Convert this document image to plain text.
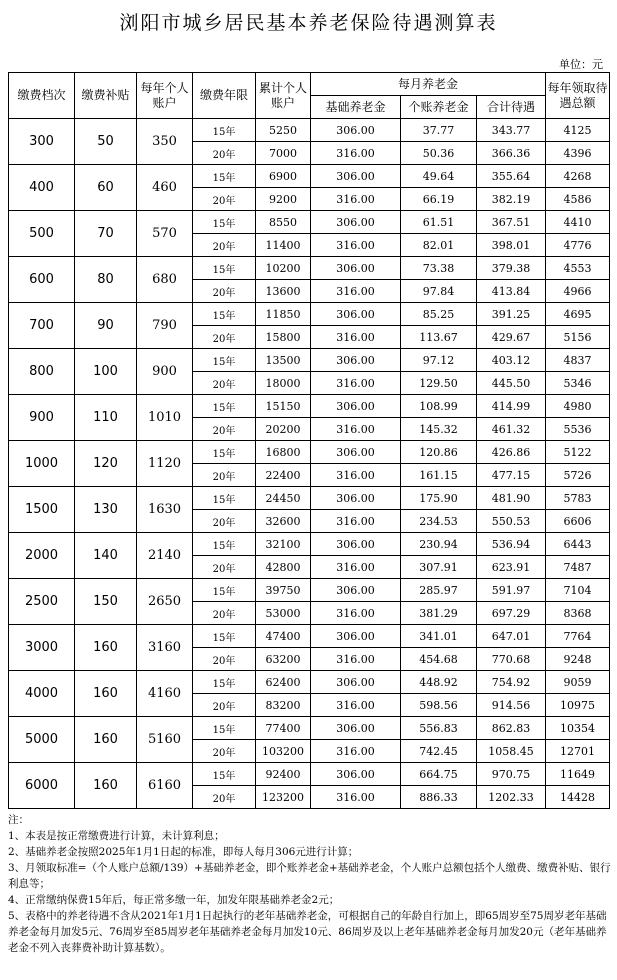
浏阳市城乡居民基本养老保险待遇测算表
单位：元
缴费档次	缴费补贴	每年个人账户	缴费年限	累计个人账户	每月养老金			每年领取待遇总额
					基础养老金	个账养老金	合计待遇	
300	50	350	15年	5250	306.00	37.77	343.77	4125
			20年	7000	316.00	50.36	366.36	4396
400	60	460	15年	6900	306.00	49.64	355.64	4268
			20年	9200	316.00	66.19	382.19	4586
500	70	570	15年	8550	306.00	61.51	367.51	4410
			20年	11400	316.00	82.01	398.01	4776
600	80	680	15年	10200	306.00	73.38	379.38	4553
			20年	13600	316.00	97.84	413.84	4966
700	90	790	15年	11850	306.00	85.25	391.25	4695
			20年	15800	316.00	113.67	429.67	5156
800	100	900	15年	13500	306.00	97.12	403.12	4837
			20年	18000	316.00	129.50	445.50	5346
900	110	1010	15年	15150	306.00	108.99	414.99	4980
			20年	20200	316.00	145.32	461.32	5536
1000	120	1120	15年	16800	306.00	120.86	426.86	5122
			20年	22400	316.00	161.15	477.15	5726
1500	130	1630	15年	24450	306.00	175.90	481.90	5783
			20年	32600	316.00	234.53	550.53	6606
2000	140	2140	15年	32100	306.00	230.94	536.94	6443
			20年	42800	316.00	307.91	623.91	7487
2500	150	2650	15年	39750	306.00	285.97	591.97	7104
			20年	53000	316.00	381.29	697.29	8368
3000	160	3160	15年	47400	306.00	341.01	647.01	7764
			20年	63200	316.00	454.68	770.68	9248
4000	160	4160	15年	62400	306.00	448.92	754.92	9059
			20年	83200	316.00	598.56	914.56	10975
5000	160	5160	15年	77400	306.00	556.83	862.83	10354
			20年	103200	316.00	742.45	1058.45	12701
6000	160	6160	15年	92400	306.00	664.75	970.75	11649
			20年	123200	316.00	886.33	1202.33	14428
注：
1、本表是按正常缴费进行计算，未计算利息；
2、基础养老金按照2025年1月1日起的标准，即每人每月306元进行计算；
3、月领取标准=（个人账户总额/139）+基础养老金，即个账养老金+基础养老金，个人账户总额包括个人缴费、缴费补贴、银行利息等；
4、正常缴纳保费15年后，每正常多缴一年，加发年限基础养老金2元；
5、表格中的养老待遇不含从2021年1月1日起执行的老年基础养老金，可根据自己的年龄自行加上，即65周岁至75周岁老年基础养老金每月加发5元、76周岁至85周岁老年基础养老金每月加发10元、86周岁及以上老年基础养老金每月加发20元（老年基础养老金不列入丧葬费补助计算基数）。
